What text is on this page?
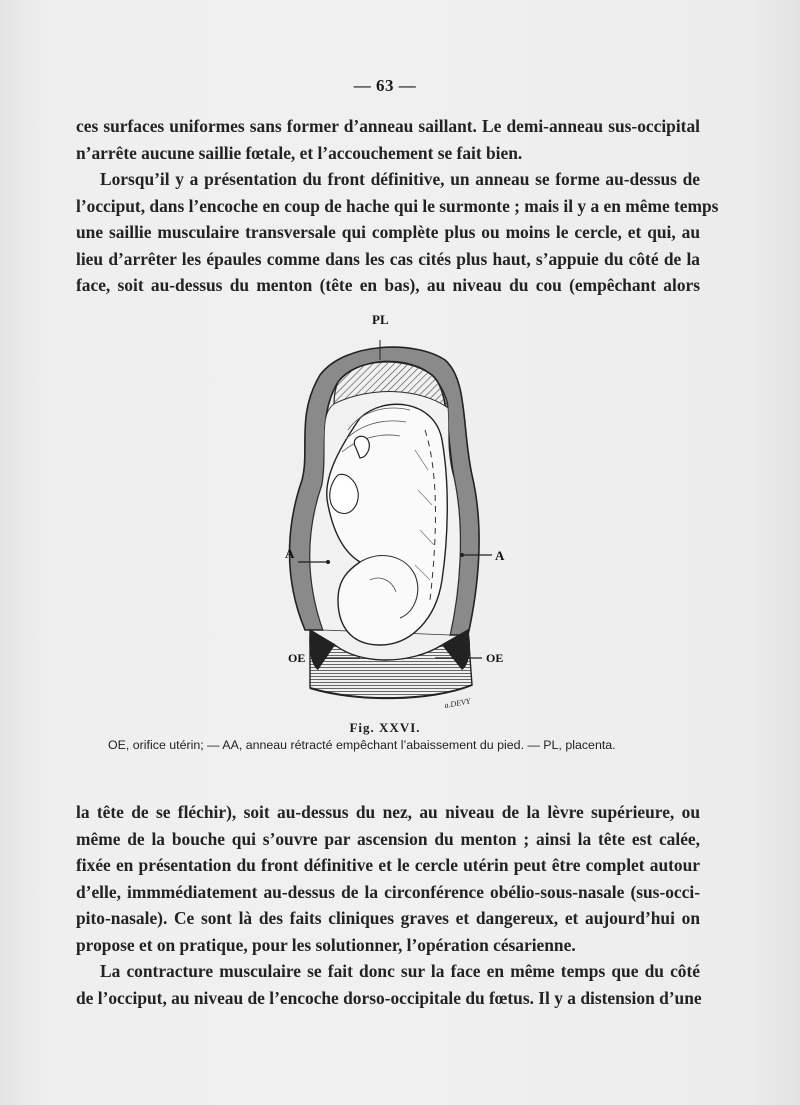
— 63 —
ces surfaces uniformes sans former d’anneau saillant. Le demi-anneau sus-occipital
n’arrête aucune saillie fœtale, et l’accouchement se fait bien.
Lorsqu’il y a présentation du front définitive, un anneau se forme au-dessus de
l’occiput, dans l’encoche en coup de hache qui le surmonte ; mais il y a en même temps
une saillie musculaire transversale qui complète plus ou moins le cercle, et qui, au
lieu d’arrêter les épaules comme dans les cas cités plus haut, s’appuie du côté de la
face, soit au-dessus du menton (tête en bas), au niveau du cou (empêchant alors
PL
A	A
OE	OE
a.DEVY
Fig. XXVI.
OE, orifice utérin; — AA, anneau rétracté empêchant l’abaissement du pied. — PL, placenta.
la tête de se fléchir), soit au-dessus du nez, au niveau de la lèvre supérieure, ou
même de la bouche qui s’ouvre par ascension du menton ; ainsi la tête est calée,
fixée en présentation du front définitive et le cercle utérin peut être complet autour
d’elle, immmédiatement au-dessus de la circonférence obélio-sous-nasale (sus-occi-
pito-nasale). Ce sont là des faits cliniques graves et dangereux, et aujourd’hui on
propose et on pratique, pour les solutionner, l’opération césarienne.
La contracture musculaire se fait donc sur la face en même temps que du côté
de l’occiput, au niveau de l’encoche dorso-occipitale du fœtus. Il y a distension d’une
